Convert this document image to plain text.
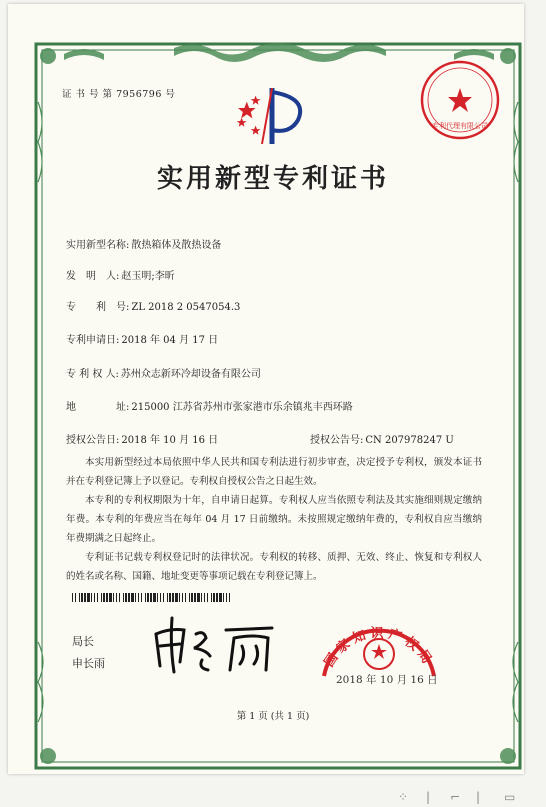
证 书 号 第 7956796 号
专利代理有限公司
实用新型专利证书
实用新型名称: 散热箱体及散热设备
发　明　人: 赵玉明;李昕
专　　利　号: ZL 2018 2 0547054.3
专利申请日: 2018 年 04 月 17 日
专 利 权 人: 苏州众志新环冷却设备有限公司
地　　　　址: 215000 江苏省苏州市张家港市乐余镇兆丰西环路
授权公告日: 2018 年 10 月 16 日	授权公告号: CN 207978247 U

本实用新型经过本局依照中华人民共和国专利法进行初步审查，决定授予专利权，颁发本证书并在专利登记簿上予以登记。专利权自授权公告之日起生效。

本专利的专利权期限为十年，自申请日起算。专利权人应当依照专利法及其实施细则规定缴纳年费。本专利的年费应当在每年 04 月 17 日前缴纳。未按照规定缴纳年费的，专利权自应当缴纳年费期满之日起终止。

专利证书记载专利权登记时的法律状况。专利权的转移、质押、无效、终止、恢复和专利权人的姓名或名称、国籍、地址变更等事项记载在专利登记簿上。

局长
申长雨	国家知识产权局
2018 年 10 月 16 日
第 1 页 (共 1 页)
⁘ | ⌐ | ▭
